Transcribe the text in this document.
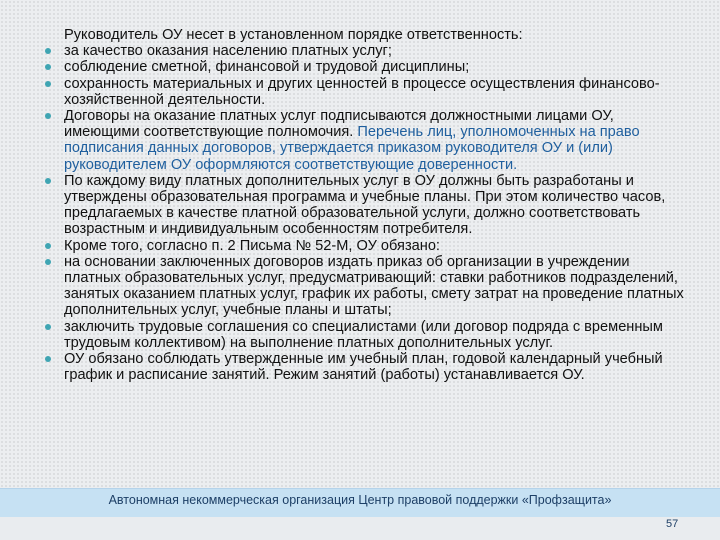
Руководитель ОУ несет в установленном порядке ответственность:

за качество оказания населению платных услуг;
соблюдение сметной, финансовой и трудовой дисциплины;
сохранность материальных и других ценностей в процессе осуществления финансово-хозяйственной деятельности.
Договоры на оказание платных услуг подписываются должностными лицами ОУ, имеющими соответствующие полномочия. Перечень лиц, уполномоченных на право подписания данных договоров, утверждается приказом руководителя ОУ и (или) руководителем ОУ оформляются соответствующие доверенности.
По каждому виду платных дополнительных услуг в ОУ должны быть разработаны и утверждены образовательная программа и учебные планы. При этом количество часов, предлагаемых в качестве платной образовательной услуги, должно соответствовать возрастным и индивидуальным особенностям потребителя.
Кроме того, согласно п. 2 Письма № 52-М, ОУ обязано:
на основании заключенных договоров издать приказ об организации в учреждении платных образовательных услуг, предусматривающий: ставки работников подразделений, занятых оказанием платных услуг, график их работы, смету затрат на проведение платных дополнительных услуг, учебные планы и штаты;
заключить трудовые соглашения со специалистами (или договор подряда с временным трудовым коллективом) на выполнение платных дополнительных услуг.
ОУ обязано соблюдать утвержденные им учебный план, годовой календарный учебный график и расписание занятий. Режим занятий (работы) устанавливается ОУ.
Автономная некоммерческая организация Центр правовой поддержки «Профзащита»
57
